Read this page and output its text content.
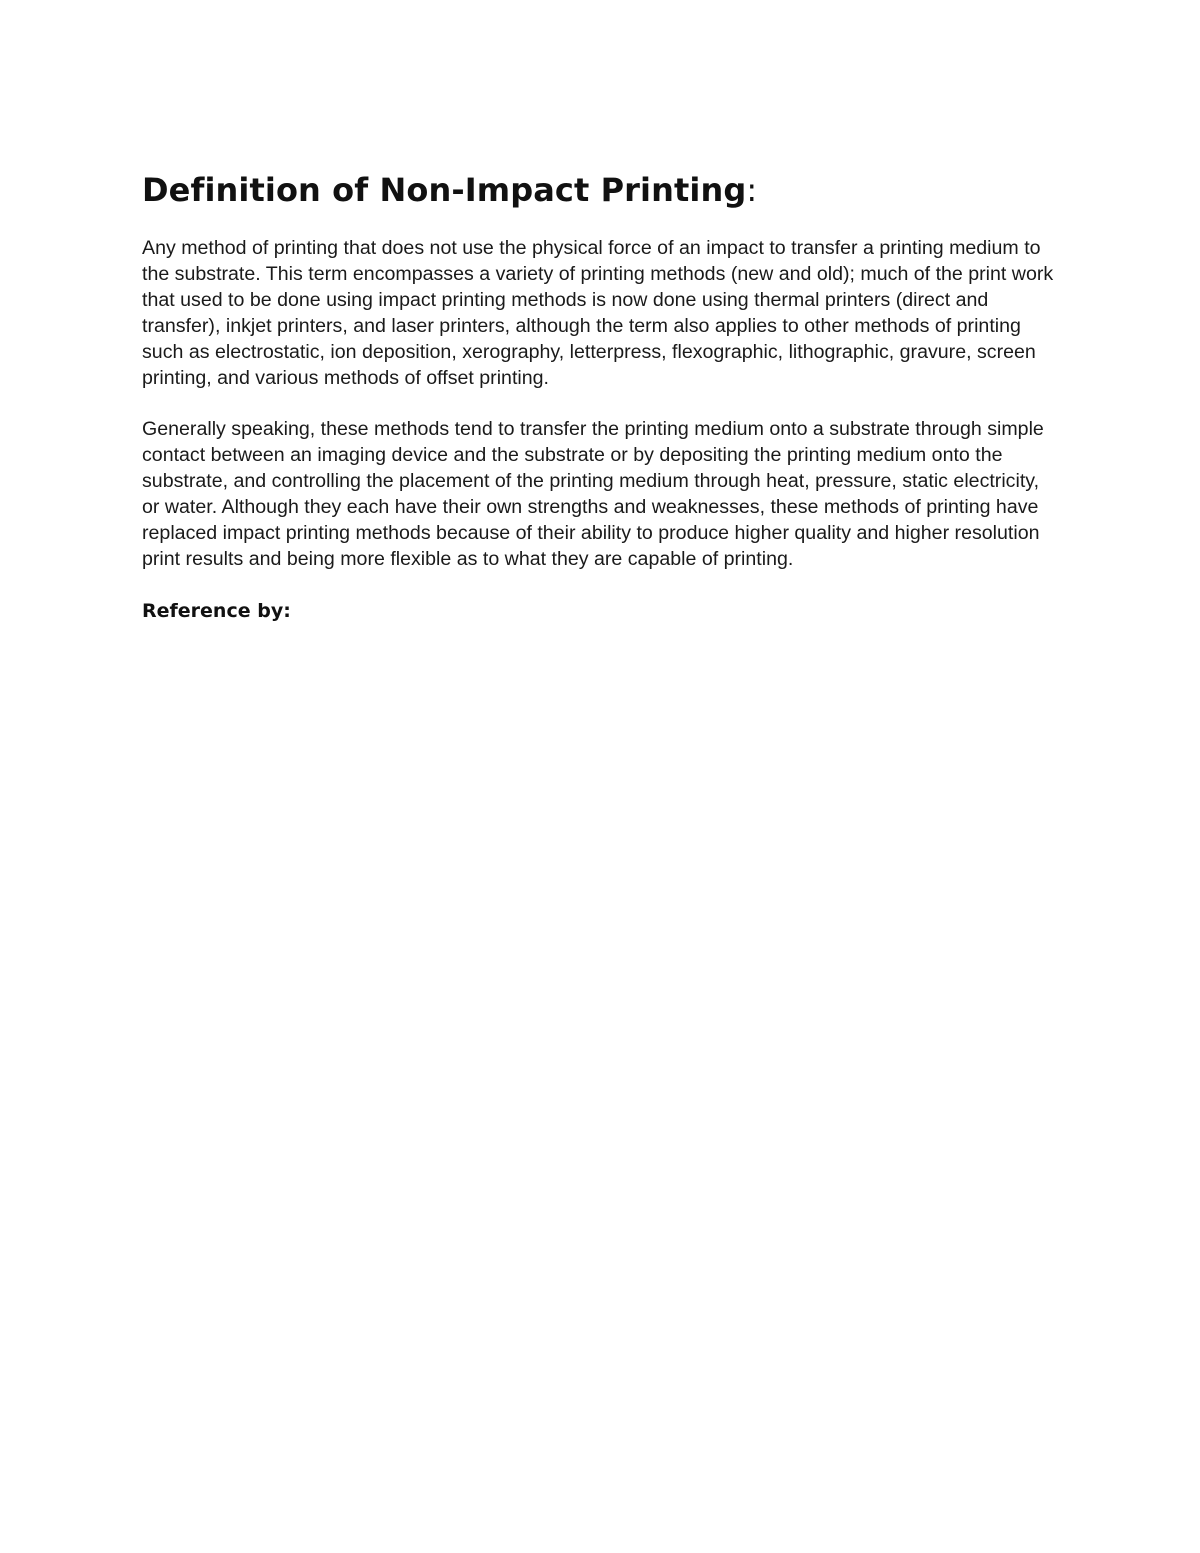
Definition of Non-Impact Printing:

Any method of printing that does not use the physical force of an impact to transfer a printing medium to the substrate. This term encompasses a variety of printing methods (new and old); much of the print work that used to be done using impact printing methods is now done using thermal printers (direct and transfer), inkjet printers, and laser printers, although the term also applies to other methods of printing such as electrostatic, ion deposition, xerography, letterpress, flexographic, lithographic, gravure, screen printing, and various methods of offset printing.

Generally speaking, these methods tend to transfer the printing medium onto a substrate through simple contact between an imaging device and the substrate or by depositing the printing medium onto the substrate, and controlling the placement of the printing medium through heat, pressure, static electricity, or water. Although they each have their own strengths and weaknesses, these methods of printing have replaced impact printing methods because of their ability to produce higher quality and higher resolution print results and being more flexible as to what they are capable of printing.

Reference by:
